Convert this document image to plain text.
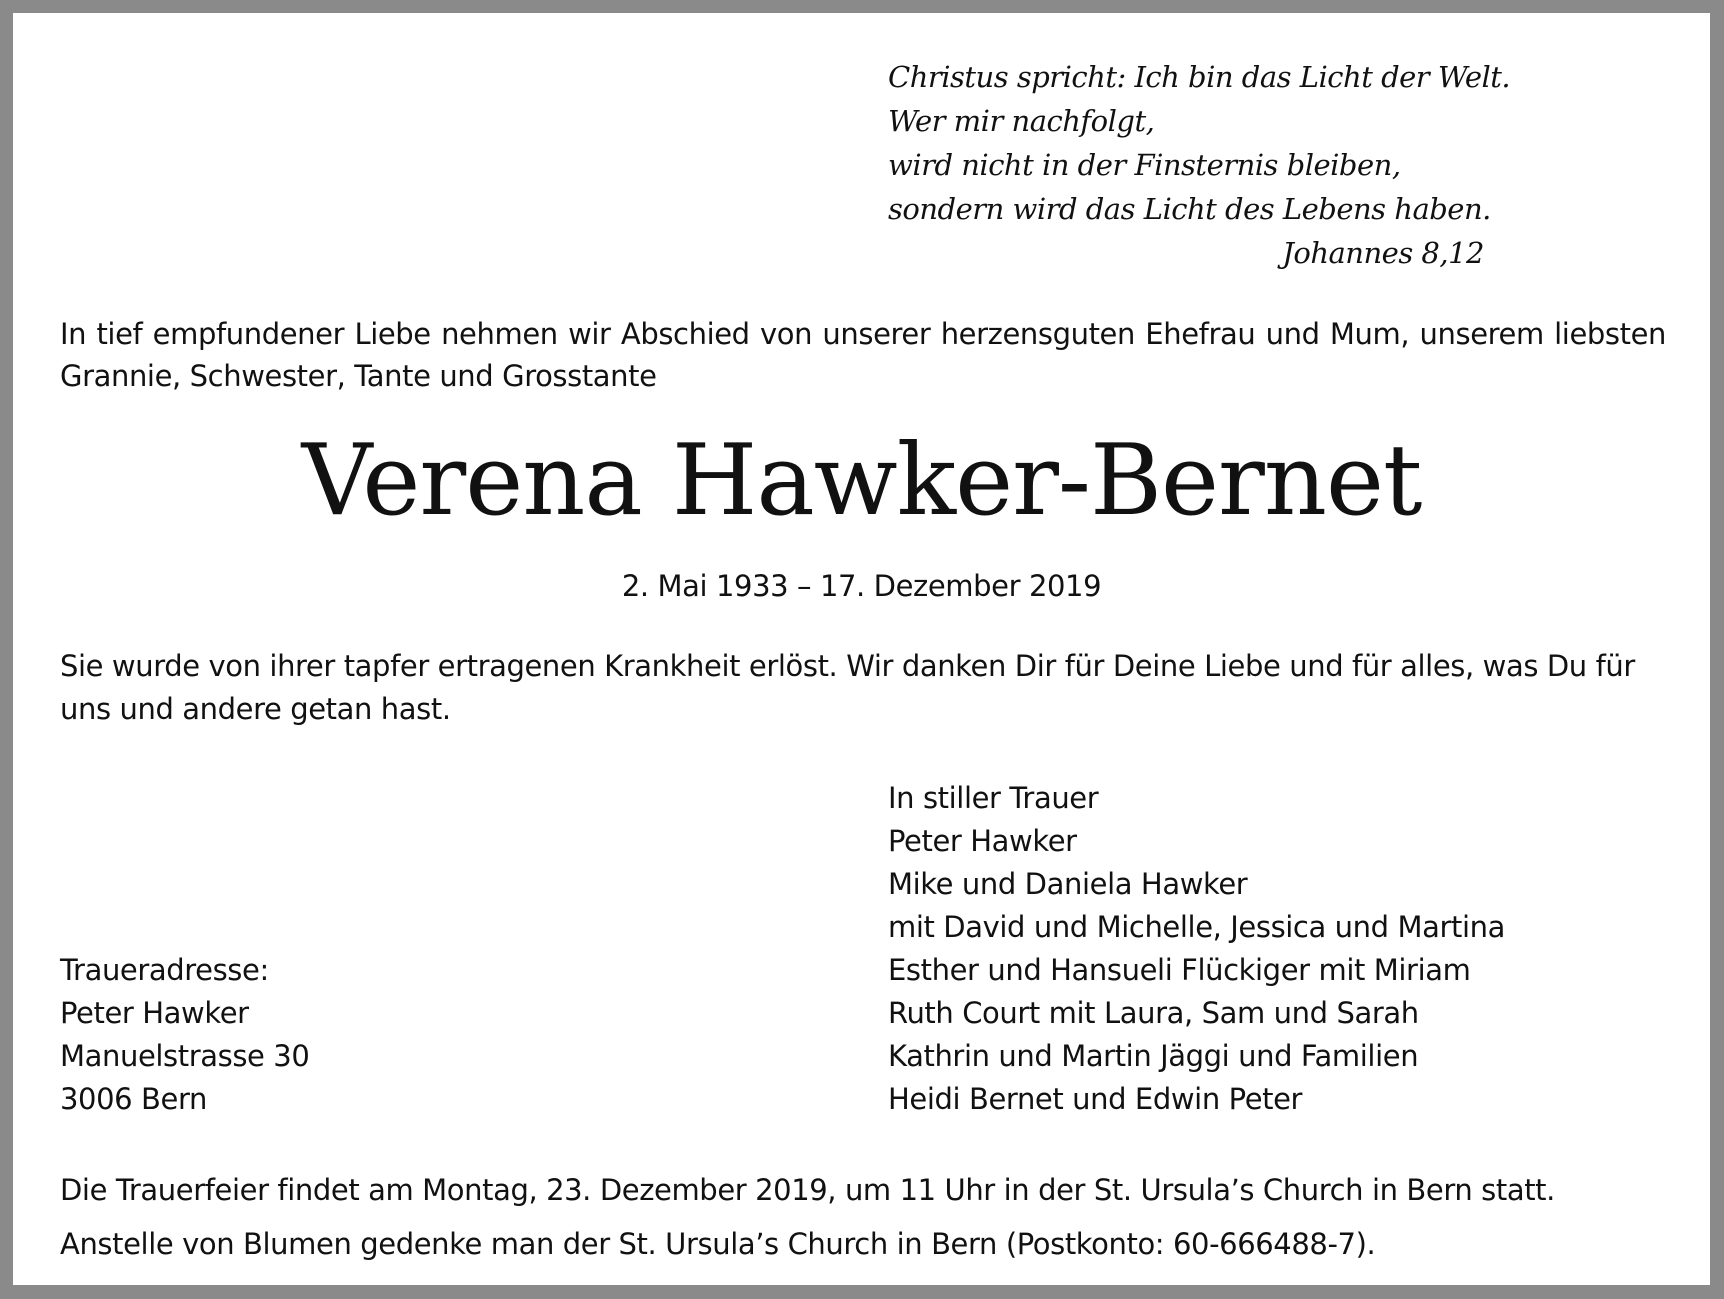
Christus spricht: Ich bin das Licht der Welt.
Wer mir nachfolgt,
wird nicht in der Finsternis bleiben,
sondern wird das Licht des Lebens haben.
Johannes 8,12
In tief empfundener Liebe nehmen wir Abschied von unserer herzensguten Ehefrau und Mum, unserem liebsten Grannie, Schwester, Tante und Grosstante
Verena Hawker-Bernet
2. Mai 1933 – 17. Dezember 2019
Sie wurde von ihrer tapfer ertragenen Krankheit erlöst. Wir danken Dir für Deine Liebe und für alles, was Du für uns und andere getan hast.
In stiller Trauer
Peter Hawker
Mike und Daniela Hawker
mit David und Michelle, Jessica und Martina
Esther und Hansueli Flückiger mit Miriam
Ruth Court mit Laura, Sam und Sarah
Kathrin und Martin Jäggi und Familien
Heidi Bernet und Edwin Peter
Traueradresse:
Peter Hawker
Manuelstrasse 30
3006 Bern
Die Trauerfeier findet am Montag, 23. Dezember 2019, um 11 Uhr in der St. Ursula’s Church in Bern statt.
Anstelle von Blumen gedenke man der St. Ursula’s Church in Bern (Postkonto: 60-666488-7).
